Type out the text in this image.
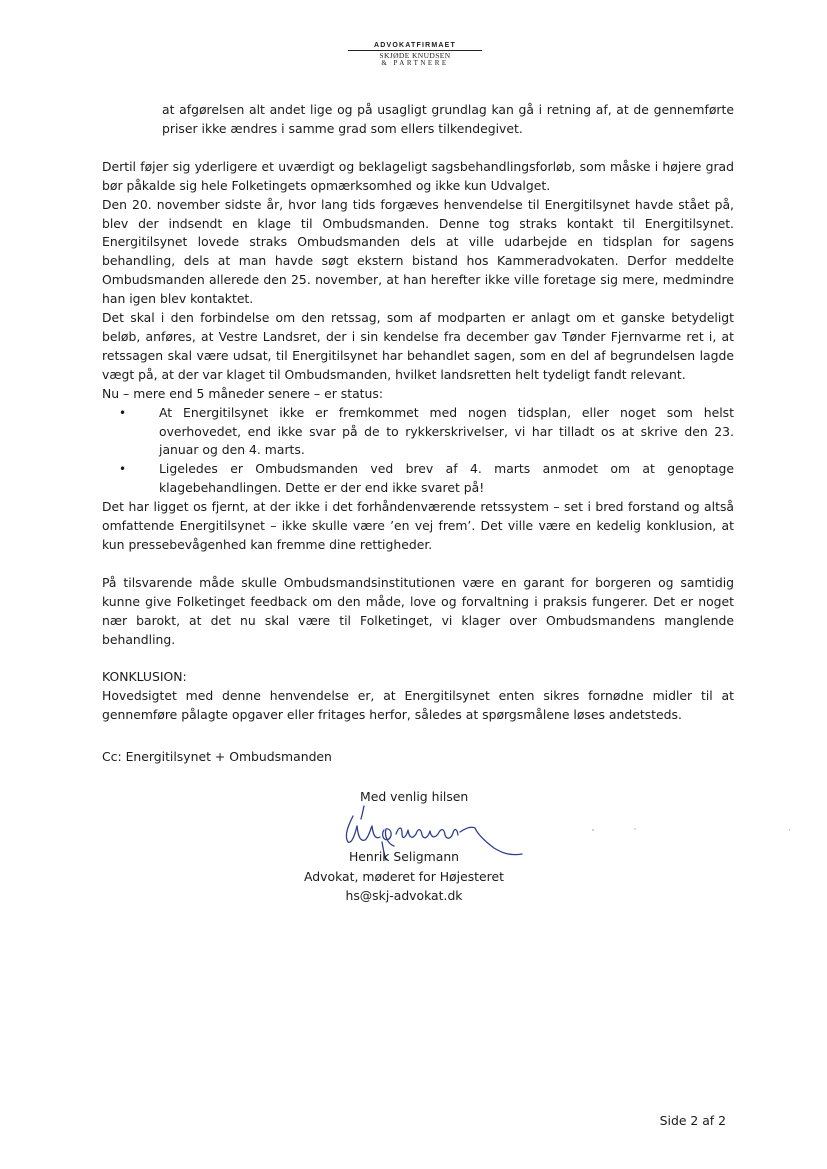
ADVOKATFIRMAET
SKJØDE KNUDSEN
& PARTNERE

at afgørelsen alt andet lige og på usagligt grundlag kan gå i retning af, at de gennemførte priser ikke ændres i samme grad som ellers tilkendegivet.

Dertil føjer sig yderligere et uværdigt og beklageligt sagsbehandlingsforløb, som måske i højere grad bør påkalde sig hele Folketingets opmærksomhed og ikke kun Udvalget.

Den 20. november sidste år, hvor lang tids forgæves henvendelse til Energitilsynet havde stået på, blev der indsendt en klage til Ombudsmanden. Denne tog straks kontakt til Energitilsynet. Energitilsynet lovede straks Ombudsmanden dels at ville udarbejde en tidsplan for sagens behandling, dels at man havde søgt ekstern bistand hos Kammeradvokaten. Derfor meddelte Ombudsmanden allerede den 25. november, at han herefter ikke ville foretage sig mere, medmindre han igen blev kontaktet.

Det skal i den forbindelse om den retssag, som af modparten er anlagt om et ganske betydeligt beløb, anføres, at Vestre Landsret, der i sin kendelse fra december gav Tønder Fjernvarme ret i, at retssagen skal være udsat, til Energitilsynet har behandlet sagen, som en del af begrundelsen lagde vægt på, at der var klaget til Ombudsmanden, hvilket landsretten helt tydeligt fandt relevant.

Nu – mere end 5 måneder senere – er status:

•	At Energitilsynet ikke er fremkommet med nogen tidsplan, eller noget som helst overhovedet, end ikke svar på de to rykkerskrivelser, vi har tilladt os at skrive den 23. januar og den 4. marts.
•	Ligeledes er Ombudsmanden ved brev af 4. marts anmodet om at genoptage klagebehandlingen. Dette er der end ikke svaret på!

Det har ligget os fjernt, at der ikke i det forhåndenværende retssystem – set i bred forstand og altså omfattende Energitilsynet – ikke skulle være ’en vej frem’. Det ville være en kedelig konklusion, at kun pressebevågenhed kan fremme dine rettigheder.

På tilsvarende måde skulle Ombudsmandsinstitutionen være en garant for borgeren og samtidig kunne give Folketinget feedback om den måde, love og forvaltning i praksis fungerer. Det er noget nær barokt, at det nu skal være til Folketinget, vi klager over Ombudsmandens manglende behandling.

KONKLUSION:

Hovedsigtet med denne henvendelse er, at Energitilsynet enten sikres fornødne midler til at gennemføre pålagte opgaver eller fritages herfor, således at spørgsmålene løses andetsteds.

Cc: Energitilsynet + Ombudsmanden
Med venlig hilsen
Henrik Seligmann
Advokat, møderet for Højesteret
hs@skj-advokat.dk
Side 2 af 2
